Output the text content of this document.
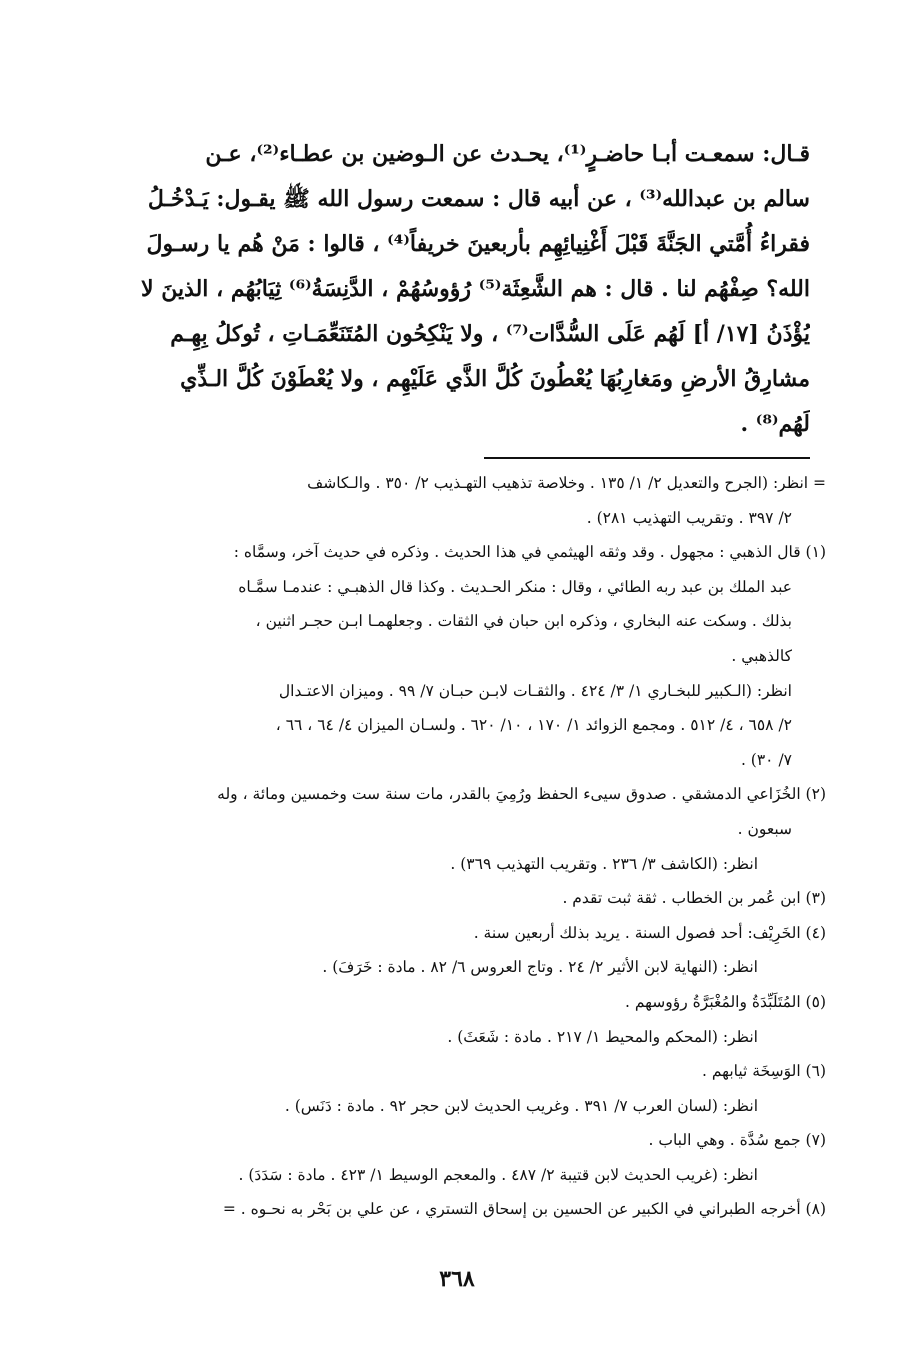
قـال: سمعـت أبـا حاضـرٍ⁽¹⁾، يحـدث عن الـوضين بن عطـاء⁽²⁾، عـن
سالم بن عبدالله⁽³⁾ ، عن أبيه قال : سمعت رسول الله ﷺ يقـول: يَـدْخُـلُ
فقراءُ أُمَّتي الجَنَّةَ قَبْلَ أَغْنِيائِهِم بأربعينَ خريفاً⁽⁴⁾ ، قالوا : مَنْ هُم يا رسـولَ
الله؟ صِفْهُم لنا . قال : هم الشَّعِثَة⁽⁵⁾ رُؤوسُهُمْ ، الدَّنِسَةُ⁽⁶⁾ ثِيَابُهُم ، الذينَ لا
يُؤْذَنُ [١٧/ أ] لَهُم عَلَى السُّدَّات⁽⁷⁾ ، ولا يَنْكِحُون المُتَنَعِّمَـاتِ ، تُوكلُ بِهِـم
مشارِقُ الأرضِ ومَغارِبُهَا يُعْطُونَ كُلَّ الذَّي عَلَيْهِم ، ولا يُعْطَوْنَ كُلَّ الـذِّي
لَهُم⁽⁸⁾ .
= انظر: (الجرح والتعديل ٢/ ١/ ١٣٥ . وخلاصة تذهيب التهـذيب ٢/ ٣٥٠ . والـكاشف
٢/ ٣٩٧ . وتقريب التهذيب ٢٨١) .
(١) قال الذهبي : مجهول . وقد وثقه الهيثمي في هذا الحديث . وذكره في حديث آخر، وسمَّاه :
عبد الملك بن عبد ربه الطائي ، وقال : منكر الحـديث . وكذا قال الذهبـي : عندمـا سمَّـاه
بذلك . وسكت عنه البخاري ، وذكره ابن حبان في الثقات . وجعلهمـا ابـن حجـر اثنين ،
كالذهبي .
انظر: (الـكبير للبخـاري ١/ ٣/ ٤٢٤ . والثقـات لابـن حبـان ٧/ ٩٩ . وميزان الاعتـدال
٢/ ٦٥٨ ، ٤/ ٥١٢ . ومجمع الزوائد ١/ ١٧٠ ، ١٠/ ٦٢٠ . ولسـان الميزان ٤/ ٦٤ ، ٦٦ ،
٧/ ٣٠) .
(٢) الخُزَاعي الدمشقي . صدوق سيىء الحفظ ورُمِيَ بالقدر، مات سنة ست وخمسين ومائة ، وله
سبعون .
انظر: (الكاشف ٣/ ٢٣٦ . وتقريب التهذيب ٣٦٩) .
(٣) ابن عُمر بن الخطاب . ثقة ثبت تقدم .
(٤) الخَرِيْف: أحد فصول السنة . يريد بذلك أربعين سنة .
انظر: (النهاية لابن الأثير ٢/ ٢٤ . وتاج العروس ٦/ ٨٢ . مادة : خَرَفَ) .
(٥) المُتَلَبِّدَةُ والمُغْبَرَّةُ رؤوسهم .
انظر: (المحكم والمحيط ١/ ٢١٧ . مادة : شَعَثَ) .
(٦) الوَسِخَة ثيابهم .
انظر: (لسان العرب ٧/ ٣٩١ . وغريب الحديث لابن حجر ٩٢ . مادة : دَنَس) .
(٧) جمع سُدَّة . وهي الباب .
انظر: (غريب الحديث لابن قتيبة ٢/ ٤٨٧ . والمعجم الوسيط ١/ ٤٢٣ . مادة : سَدَدَ) .
(٨) أخرجه الطبراني في الكبير عن الحسين بن إسحاق التستري ، عن علي بن بَحْر به نحـوه . =
٣٦٨
